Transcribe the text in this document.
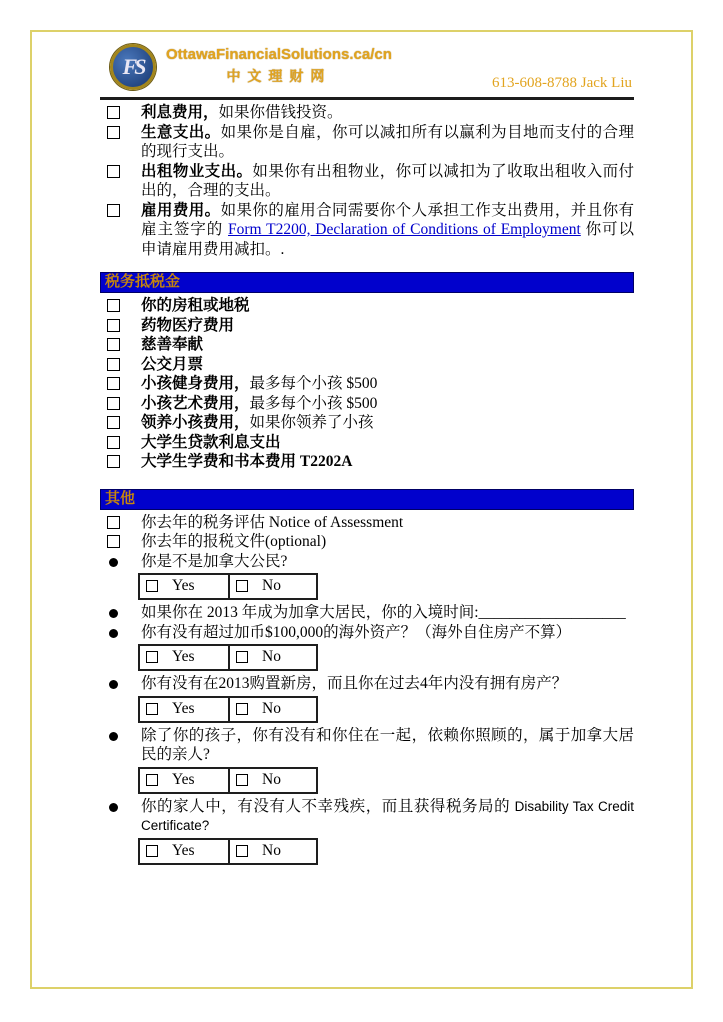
FS	OttawaFinancialSolutions.ca/cn
中文理财网	613-608-8788 Jack Liu
利息费用，如果你借钱投资。
生意支出。如果你是自雇，你可以减扣所有以赢利为目地而支付的合理的现行支出。
出租物业支出。如果你有出租物业，你可以减扣为了收取出租收入而付出的，合理的支出。
雇用费用。如果你的雇用合同需要你个人承担工作支出费用，并且你有雇主签字的 Form T2200, Declaration of Conditions of Employment 你可以申请雇用费用减扣。.
税务抵税金
你的房租或地税
药物医疗费用
慈善奉献
公交月票
小孩健身费用，最多每个小孩 $500
小孩艺术费用，最多每个小孩 $500
领养小孩费用，如果你领养了小孩
大学生贷款利息支出
大学生学费和书本费用 T2202A
其他
你去年的税务评估 Notice of Assessment
你去年的报税文件(optional)
你是不是加拿大公民?
Yes	No
如果你在 2013 年成为加拿大居民，你的入境时间:___________________
你有没有超过加币$100,000的海外资产？（海外自住房产不算）
Yes	No
你有没有在2013购置新房，而且你在过去4年内没有拥有房产？
Yes	No
除了你的孩子，你有没有和你住在一起，依赖你照顾的，属于加拿大居民的亲人?
Yes	No
你的家人中，有没有人不幸残疾，而且获得税务局的 Disability Tax Credit Certificate?
Yes	No
